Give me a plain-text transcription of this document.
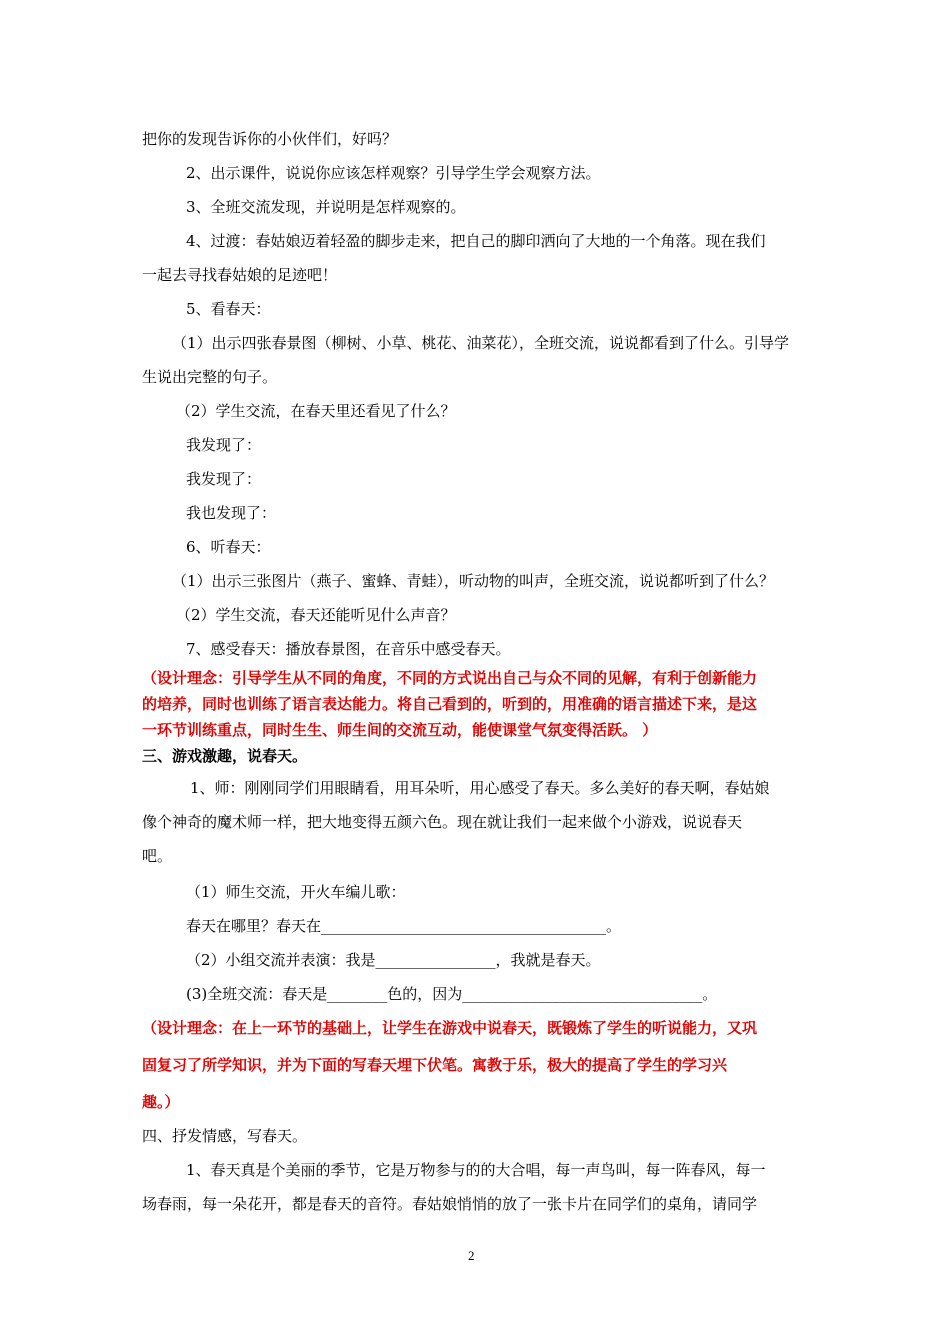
把你的发现告诉你的小伙伴们，好吗？
2、出示课件，说说你应该怎样观察？引导学生学会观察方法。
3、全班交流发现，并说明是怎样观察的。
4、过渡：春姑娘迈着轻盈的脚步走来，把自己的脚印洒向了大地的一个角落。现在我们
一起去寻找春姑娘的足迹吧！
5、看春天：
（1）出示四张春景图（柳树、小草、桃花、油菜花），全班交流，说说都看到了什么。引导学
生说出完整的句子。
（2）学生交流，在春天里还看见了什么？
我发现了：
我发现了：
我也发现了：
6、听春天：
（1）出示三张图片（燕子、蜜蜂、青蛙），听动物的叫声，全班交流，说说都听到了什么？
（2）学生交流，春天还能听见什么声音？
7、感受春天：播放春景图，在音乐中感受春天。
（设计理念：引导学生从不同的角度，不同的方式说出自己与众不同的见解，有利于创新能力
的培养，同时也训练了语言表达能力。将自己看到的，听到的，用准确的语言描述下来，是这
一环节训练重点，同时生生、师生间的交流互动，能使课堂气氛变得活跃。 ）
三、游戏激趣，说春天。
1、师：刚刚同学们用眼睛看，用耳朵听，用心感受了春天。多么美好的春天啊，春姑娘
像个神奇的魔术师一样，把大地变得五颜六色。现在就让我们一起来做个小游戏，说说春天
吧。
（1）师生交流，开火车编儿歌：
春天在哪里？春天在______________________________________。
（2）小组交流并表演：我是________________，我就是春天。
(3)全班交流：春天是________色的，因为________________________________。
（设计理念：在上一环节的基础上，让学生在游戏中说春天，既锻炼了学生的听说能力，又巩
固复习了所学知识，并为下面的写春天埋下伏笔。寓教于乐，极大的提高了学生的学习兴
趣。）
四、抒发情感，写春天。
1、春天真是个美丽的季节，它是万物参与的的大合唱，每一声鸟叫，每一阵春风，每一
场春雨，每一朵花开，都是春天的音符。春姑娘悄悄的放了一张卡片在同学们的桌角，请同学
2
